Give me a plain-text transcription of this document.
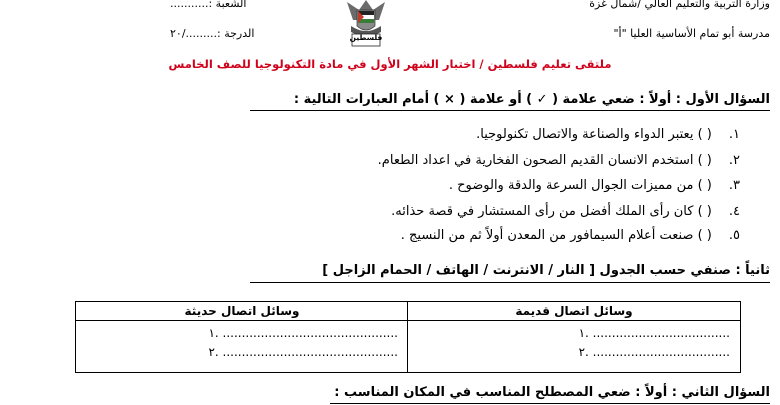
وزارة التربية والتعليم العالي /شمال غزة
مدرسة أبو تمام الأساسية العليا "أ"
الشعبة :...........
الدرجة :........./٢٠	فلسطين
ملتقى تعليم فلسطين / اختبار الشهر الأول في مادة التكنولوجيا للصف الخامس
السؤال الأول : أولاً : ضعي علامة ( ✓ ) أو علامة ( × ) أمام العبارات التالية :
١. ( ) يعتبر الدواء والصناعة والاتصال تكنولوجيا.
٢. ( ) استخدم الانسان القديم الصحون الفخارية في اعداد الطعام.
٣. ( ) من مميزات الجوال السرعة والدقة والوضوح .
٤. ( ) كان رأى الملك أفضل من رأى المستشار في قصة حذائه.
٥. ( ) صنعت أعلام السيمافور من المعدن أولاً ثم من النسيج .
ثانياً : صنفي حسب الجدول [ النار / الانترنت / الهاتف / الحمام الزاجل ]
وسائل اتصال قديمة
١. ....................................
٢. ....................................
وسائل اتصال حديثة
١. ..............................................
٢. ..............................................
السؤال الثاني : أولاً : ضعي المصطلح المناسب في المكان المناسب :
